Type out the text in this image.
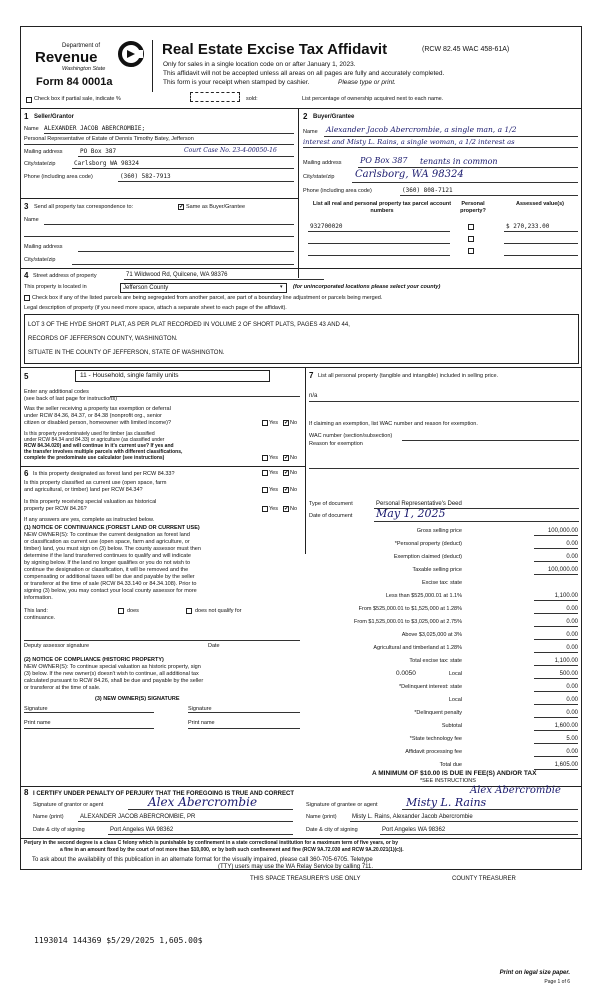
Department of
Revenue
Washington State
Form 84 0001a
Real Estate Excise Tax Affidavit	(RCW 82.45 WAC 458-61A)
Only for sales in a single location code on or after January 1, 2023.
This affidavit will not be accepted unless all areas on all pages are fully and accurately completed.
This form is your receipt when stamped by cashier.	Please type or print.
Check box if partial sale, indicate %	sold:	List percentage of ownership acquired next to each name.
1 Seller/Grantor
Name ALEXANDER JACOB ABERCROMBIE;
Personal Representative of Estate of Dennis Timothy Batey, Jefferson
Mailing address	PO Box 387	Court Case No. 23-4-00050-16
City/state/zip	Carlsborg WA 98324
Phone (including area code)	(360) 582-7913
2 Buyer/Grantee
Name Alexander Jacob Abercrombie, a single man, a 1/2
interest and Misty L. Rains, a single woman, a 1/2 interest as
Mailing address PO Box 387 tenants in common
City/state/zip Carlsborg, WA 98324
Phone (including area code)	(360) 808-7121
3 Send all property tax correspondence to:	✓ Same as Buyer/Grantee
Name
Mailing address
City/state/zip
List all real and personal property tax parcel account numbers
Personal property?
Assessed value(s)
932700020	$ 270,233.00
4 Street address of property	71 Wildwood Rd, Quilcene, WA 98376
This property is located in	Jefferson County	▾ (for unincorporated locations please select your county)
Check box if any of the listed parcels are being segregated from another parcel, are part of a boundary line adjustment or parcels being merged.
Legal description of property (if you need more space, attach a separate sheet to each page of the affidavit).
LOT 3 OF THE HYDE SHORT PLAT, AS PER PLAT RECORDED IN VOLUME 2 OF SHORT PLATS, PAGES 43 AND 44,
RECORDS OF JEFFERSON COUNTY, WASHINGTON.
SITUATE IN THE COUNTY OF JEFFERSON, STATE OF WASHINGTON.
5	11 - Household, single family units
Enter any additional codes
(see back of last page for instructions)
Was the seller receiving a property tax exemption or deferral
under RCW 84.36, 84.37, or 84.38 (nonprofit org., senior
citizen or disabled person, homeowner with limited income)?	Yes ✓ No
Is this property predominately used for timber (as classified
under RCW 84.34 and 84.33) or agriculture (as classified under
RCW 84.34.020) and will continue in it's current use? If yes and
the transfer involves multiple parcels with different classifications,
complete the predominate use calculator (see instructions)	Yes ✓ No
6 Is this property designated as forest land per RCW 84.33?	Yes ✓ No
Is this property classified as current use (open space, farm
and agricultural, or timber) land per RCW 84.34?	Yes ✓ No
Is this property receiving special valuation as historical
property per RCW 84.26?	Yes ✓ No
If any answers are yes, complete as instructed below.
(1) NOTICE OF CONTINUANCE (FOREST LAND OR CURRENT USE)
NEW OWNER(S): To continue the current designation as forest land
or classification as current use (open space, farm and agriculture, or
timber) land, you must sign on (3) below. The county assessor must then
determine if the land transferred continues to qualify and will indicate
by signing below. If the land no longer qualifies or you do not wish to
continue the designation or classification, it will be removed and the
compensating or additional taxes will be due and payable by the seller
or transferor at the time of sale (RCW 84.33.140 or 84.34.108). Prior to
signing (3) below, you may contact your local county assessor for more
information.
This land:	does	does not qualify for
continuance.
Deputy assessor signature	Date
(2) NOTICE OF COMPLIANCE (HISTORIC PROPERTY)
NEW OWNER(S): To continue special valuation as historic property, sign
(3) below. If the new owner(s) doesn't wish to continue, all additional tax
calculated pursuant to RCW 84.26, shall be due and payable by the seller
or transferor at the time of sale.
(3) NEW OWNER(S) SIGNATURE
Signature	Signature
Print name	Print name
7 List all personal property (tangible and intangible) included in selling price.
n/a
If claiming an exemption, list WAC number and reason for exemption.
WAC number (section/subsection)
Reason for exemption
Type of document	Personal Representative's Deed
Date of document May 1, 2025
Gross selling price	100,000.00
*Personal property (deduct)	0.00
Exemption claimed (deduct)	0.00
Taxable selling price	100,000.00
Excise tax: state
Less than $525,000.01 at 1.1%	1,100.00
From $525,000.01 to $1,525,000 at 1.28%	0.00
From $1,525,000.01 to $3,025,000 at 2.75%	0.00
Above $3,025,000 at 3%	0.00
Agricultural and timberland at 1.28%	0.00
Total excise tax: state	1,100.00
0.0050	Local	500.00
*Delinquent interest: state	0.00
Local	0.00
*Delinquent penalty	0.00
Subtotal	1,600.00
*State technology fee	5.00
Affidavit processing fee	0.00
Total due	1,605.00
A MINIMUM OF $10.00 IS DUE IN FEE(S) AND/OR TAX
*SEE INSTRUCTIONS
8 I CERTIFY UNDER PENALTY OF PERJURY THAT THE FOREGOING IS TRUE AND CORRECT	Alex Abercrombie
Signature of grantor or agent	Alex Abercrombie
Name (print)	ALEXANDER JACOB ABERCROMBIE, PR
Date & city of signing	Port Angeles WA 98362
Signature of grantee or agent	Misty L. Rains
Name (print)	Misty L. Rains, Alexander Jacob Abercrombie
Date & city of signing	Port Angeles WA 98362
Perjury in the second degree is a class C felony which is punishable by confinement in a state correctional institution for a maximum term of five years, or by
a fine in an amount fixed by the court of not more than $10,000, or by both such confinement and fine (RCW 9A.72.030 and RCW 9A.20.021(1)(c)).
To ask about the availability of this publication in an alternate format for the visually impaired, please call 360-705-6705. Teletype
(TTY) users may use the WA Relay Service by calling 711.
THIS SPACE TREASURER'S USE ONLY	COUNTY TREASURER
1193014 144369 $5/29/2025 1,605.00$
Print on legal size paper.
Page 1 of 6
